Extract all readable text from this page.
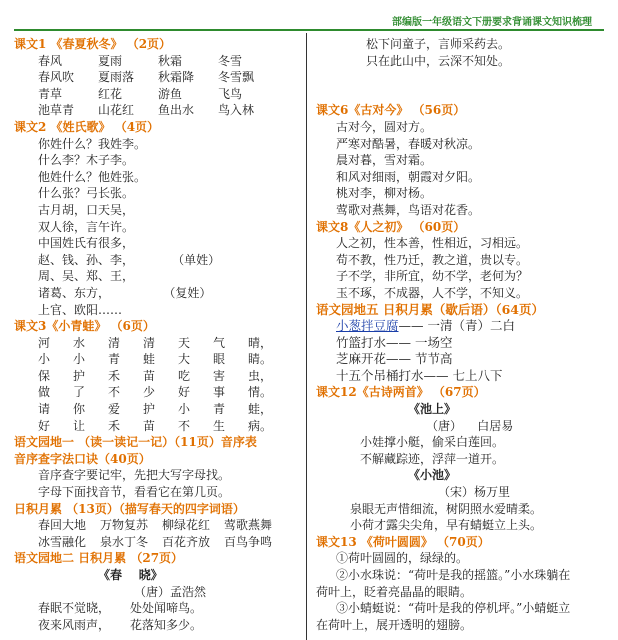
部编版一年级语文下册要求背诵课文知识梳理
课文1 《春夏秋冬》 （2页）
春风	夏雨	秋霜	冬雪
春风吹	夏雨落	秋霜降	冬雪飘
青草	红花	游鱼	飞鸟
池草青	山花红	鱼出水	鸟入林
课文2 《姓氏歌》 （4页）
你姓什么？我姓李。
什么李？木子李。
他姓什么？他姓张。
什么张？弓长张。
古月胡，口天吴，
双人徐，言午许。
中国姓氏有很多，
赵、钱、孙、李，          （单姓）
周、吴、郑、王，
诸葛、东方，              （复姓）
上官、欧阳……
课文3《小青蛙》 （6页）
河	水	清	清	天	气	晴，
小	小	青	蛙	大	眼	睛。
保	护	禾	苗	吃	害	虫，
做	了	不	少	好	事	情。
请	你	爱	护	小	青	蛙，
好	让	禾	苗	不	生	病。
语文园地一 （读一读记一记）（11页）音序表
音序查字法口诀（40页）
音序查字要记牢，先把大写字母找。
字母下面找音节，看看它在第几页。
日积月累 （13页）（描写春天的四字词语）
春回大地	万物复苏	柳绿花红	莺歌燕舞
冰雪融化	泉水丁冬	百花齐放	百鸟争鸣
语文园地二 日积月累 （27页）
《春    晓》
（唐）孟浩然
春眠不觉晓， 处处闻啼鸟。
夜来风雨声， 花落知多少。
松下问童子，言师采药去。
只在此山中，云深不知处。
课文6《古对今》 （56页）
古对今，圆对方。
严寒对酷暑，春暖对秋凉。
晨对暮，雪对霜。
和风对细雨，朝霞对夕阳。
桃对李，柳对杨。
莺歌对燕舞，鸟语对花香。
课文8《人之初》 （60页）
人之初，性本善，性相近，习相远。
苟不教，性乃迁，教之道，贵以专。
子不学，非所宜，幼不学，老何为？
玉不琢，不成器，人不学，不知义。
语文园地五 日积月累（歇后语）（64页）
小葱拌豆腐—— 一清（青）二白
竹篮打水—— 一场空
芝麻开花—— 节节高
十五个吊桶打水—— 七上八下
课文12《古诗两首》 （67页）
《池上》
（唐）    白居易
小娃撑小艇，偷采白莲回。
不解藏踪迹，浮萍一道开。
《小池》
（宋）杨万里
泉眼无声惜细流，树阴照水爱晴柔。
小荷才露尖尖角，早有蜻蜓立上头。
课文13 《荷叶圆圆》 （70页）
①荷叶圆圆的，绿绿的。
②小水珠说：“荷叶是我的摇篮。”小水珠躺在
荷叶上，眨着亮晶晶的眼睛。
③小蜻蜓说：“荷叶是我的停机坪。”小蜻蜓立
在荷叶上，展开透明的翅膀。
